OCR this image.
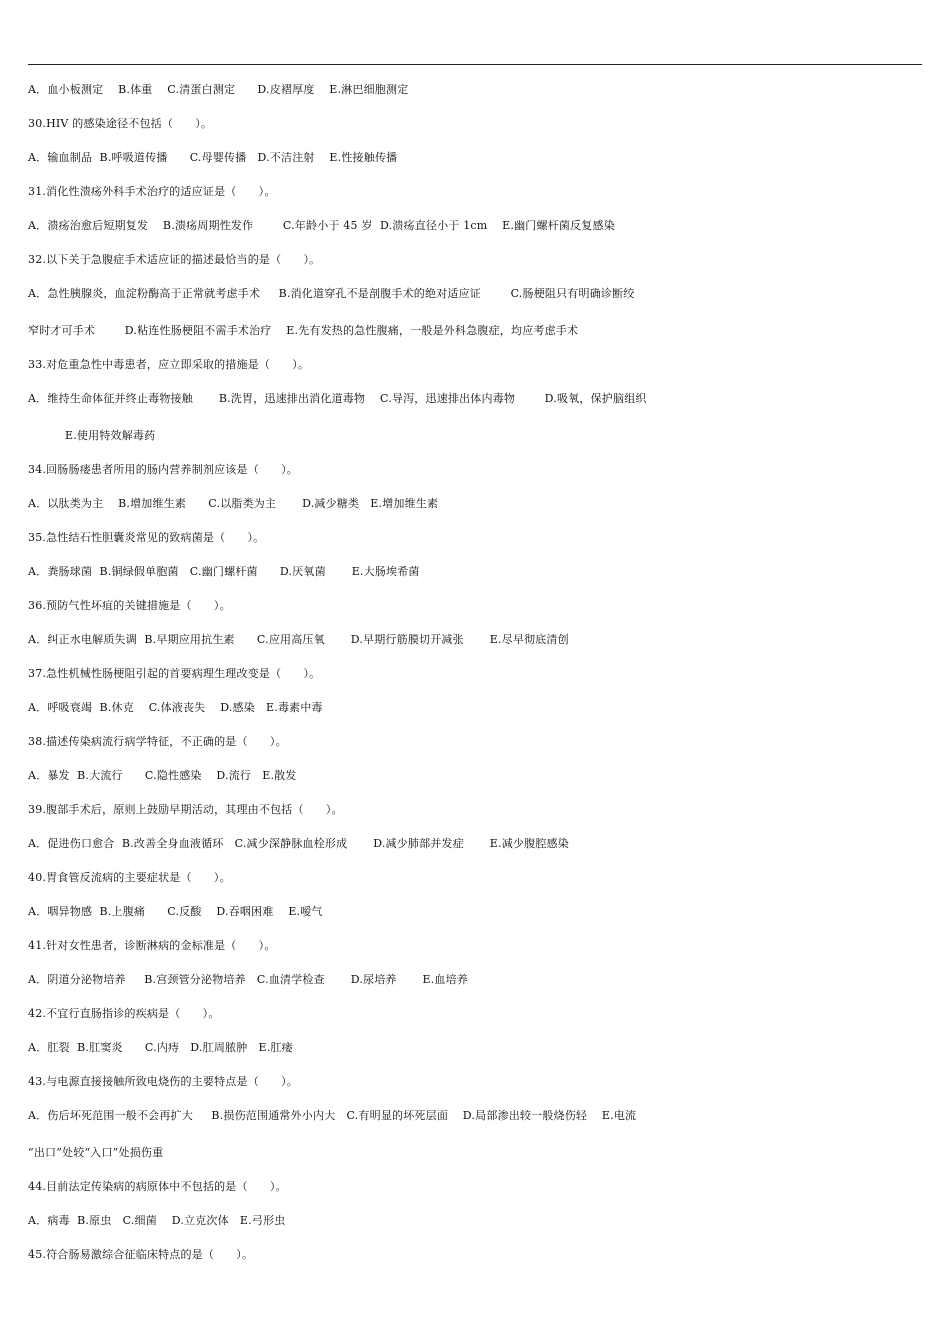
A．血小板测定    B.体重    C.清蛋白测定      D.皮褶厚度    E.淋巴细胞测定
30.HIV 的感染途径不包括（      ）。
A．输血制品  B.呼吸道传播      C.母婴传播   D.不洁注射    E.性接触传播
31.消化性溃疡外科手术治疗的适应证是（      ）。
A．溃疡治愈后短期复发    B.溃疡周期性发作        C.年龄小于 45 岁  D.溃疡直径小于 1cm    E.幽门螺杆菌反复感染
32.以下关于急腹症手术适应证的描述最恰当的是（      ）。
A．急性胰腺炎，血淀粉酶高于正常就考虑手术     B.消化道穿孔不是剖腹手术的绝对适应证        C.肠梗阻只有明确诊断绞
窄时才可手术        D.粘连性肠梗阻不需手术治疗    E.先有发热的急性腹痛，一般是外科急腹症，均应考虑手术
33.对危重急性中毒患者，应立即采取的措施是（      ）。
A．维持生命体征并终止毒物接触       B.洗胃，迅速排出消化道毒物    C.导泻，迅速排出体内毒物        D.吸氧，保护脑组织
E.使用特效解毒药
34.回肠肠瘘患者所用的肠内营养制剂应该是（      ）。
A．以肽类为主    B.增加维生素      C.以脂类为主       D.减少糖类   E.增加维生素
35.急性结石性胆囊炎常见的致病菌是（      ）。
A．粪肠球菌  B.铜绿假单胞菌   C.幽门螺杆菌      D.厌氧菌       E.大肠埃希菌
36.预防气性坏疽的关键措施是（      ）。
A．纠正水电解质失调  B.早期应用抗生素      C.应用高压氧       D.早期行筋膜切开减张       E.尽早彻底清创
37.急性机械性肠梗阻引起的首要病理生理改变是（      ）。
A．呼吸衰竭  B.休克    C.体液丧失    D.感染   E.毒素中毒
38.描述传染病流行病学特征，不正确的是（      ）。
A．暴发  B.大流行      C.隐性感染    D.流行   E.散发
39.腹部手术后，原则上鼓励早期活动，其理由不包括（      ）。
A．促进伤口愈合  B.改善全身血液循环   C.减少深静脉血栓形成       D.减少肺部并发症       E.减少腹腔感染
40.胃食管反流病的主要症状是（      ）。
A．咽异物感  B.上腹痛      C.反酸    D.吞咽困难    E.嗳气
41.针对女性患者，诊断淋病的金标准是（      ）。
A．阴道分泌物培养     B.宫颈管分泌物培养   C.血清学检查       D.尿培养       E.血培养
42.不宜行直肠指诊的疾病是（      ）。
A．肛裂  B.肛窦炎      C.内痔   D.肛周脓肿   E.肛瘘
43.与电源直接接触所致电烧伤的主要特点是（      ）。
A．伤后坏死范围一般不会再扩大     B.损伤范围通常外小内大   C.有明显的坏死层面    D.局部渗出较一般烧伤轻    E.电流
“出口”处较“入口”处损伤重
44.目前法定传染病的病原体中不包括的是（      ）。
A．病毒  B.原虫   C.细菌    D.立克次体   E.弓形虫
45.符合肠易激综合征临床特点的是（      ）。
